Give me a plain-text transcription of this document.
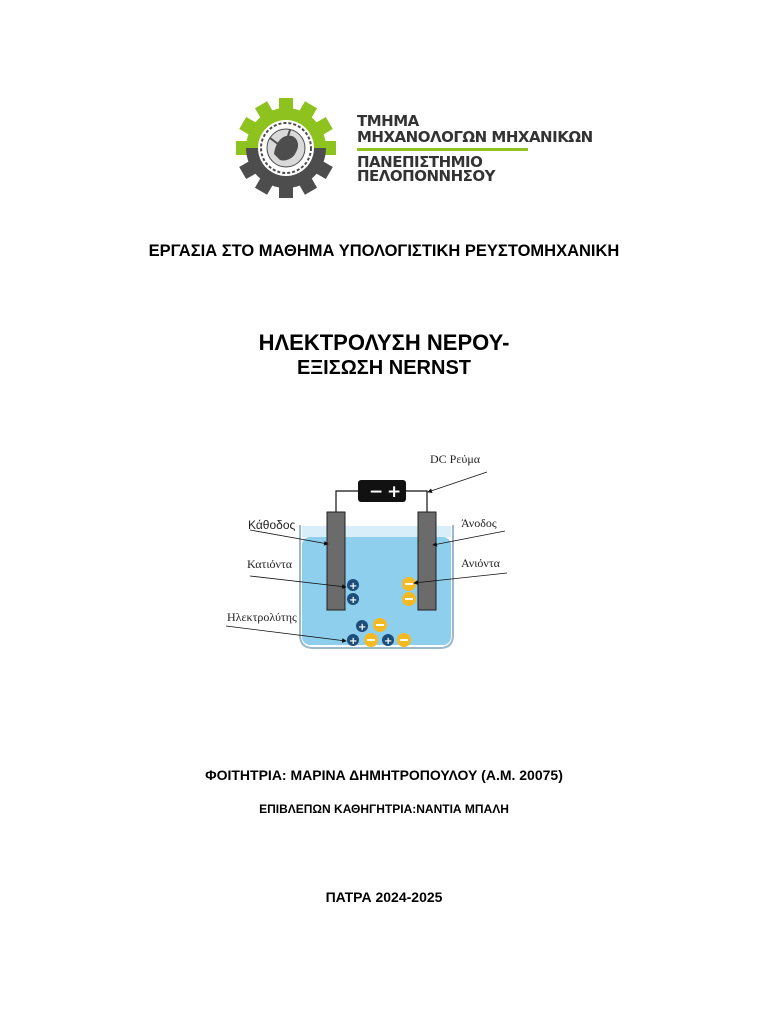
ΤΜΗΜΑ
ΜΗΧΑΝΟΛΟΓΩΝ ΜΗΧΑΝΙΚΩΝ
ΠΑΝΕΠΙΣΤΗΜΙΟ
ΠΕΛΟΠΟΝΝΗΣΟΥ
ΕΡΓΑΣΙΑ ΣΤΟ ΜΑΘΗΜΑ ΥΠΟΛΟΓΙΣΤΙΚΗ ΡΕΥΣΤΟΜΗΧΑΝΙΚΗ
ΗΛΕΚΤΡΟΛΥΣΗ ΝΕΡΟΥ-
ΕΞΙΣΩΣΗ NERNST
− +
+
+
+
+	+
DC Ρεύμα
Κάθοδος	Άνοδος
Κατιόντα	Ανιόντα
Ηλεκτρολύτης
ΦΟΙΤΗΤΡΙΑ: ΜΑΡΙΝΑ ΔΗΜΗΤΡΟΠΟΥΛΟΥ (Α.Μ. 20075)
ΕΠΙΒΛΕΠΩΝ ΚΑΘΗΓΗΤΡΙΑ:ΝΑΝΤΙΑ ΜΠΑΛΗ
ΠΑΤΡΑ 2024-2025
